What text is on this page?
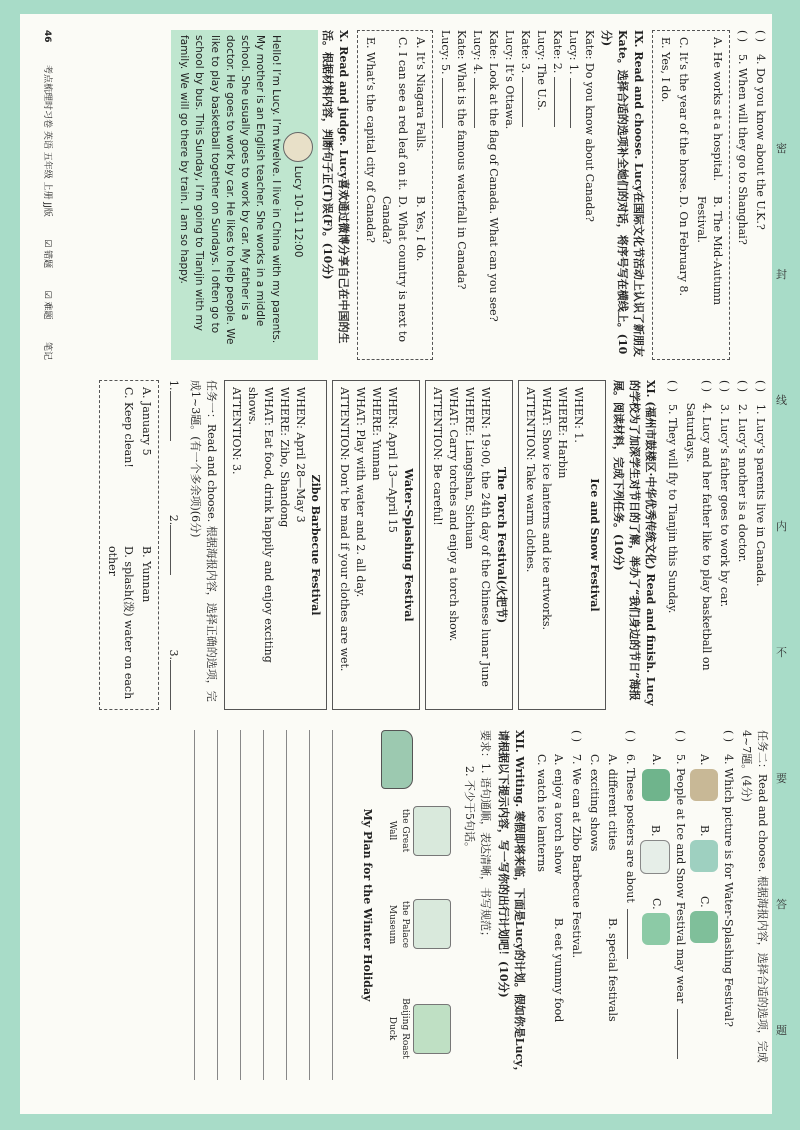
( )
4. Do you know about the U.K.?
( )
5. When will they go to Shanghai?
A. He works at a hospital.
B. The Mid-Autumn Festival.
C. It’s the year of the horse.
D. On February 8.
E. Yes, I do.
IX. Read and choose. Lucy在国际文化节活动上认识了新朋友Kate。选择合适的选项补全她们的对话，将序号写在横线上。(10分)
Kate: Do you know about Canada?
Lucy: 1.
Kate: 2.
Lucy: The U.S.
Kate: 3.
Lucy: It’s Ottawa.
Kate: Look at the flag of Canada. What can you see?
Lucy: 4.
Kate: What is the famous waterfall in Canada?
Lucy: 5.
A. It’s Niagara Falls.
B. Yes, I do.
C. I can see a red leaf on it.
D. What country is next to Canada?
E. What’s the capital city of Canada?
X. Read and judge. Lucy喜欢通过微博分享自己在中国的生活。根据材料内容，判断句子正(T)误(F)。(10分)
Lucy 10-11 12:00
Hello! I’m Lucy. I’m twelve. I live in China with my parents. My mother is an English teacher. She works in a middle school. She usually goes to work by car. My father is a doctor. He goes to work by car. He likes to help people. We like to play basketball together on Sundays. I often go to school by bus. This Sunday, I’m going to Tianjin with my family. We will go there by train. I am so happy.
46
考点梳理时习卷 英语 五年级 上册 JJ版
☑ 错题
☑ 难题
笔记
( )
1. Lucy’s parents live in Canada.
( )
2. Lucy’s mother is a doctor.
( )
3. Lucy’s father goes to work by car.
( )
4. Lucy and her father like to play basketball on Saturdays.
( )
5. They will fly to Tianjin this Sunday.
XI. (福州市鼓楼区·中华优秀传统文化) Read and finish. Lucy的学校为了加深学生对节日的了解，举办了“我们身边的节日”海报展。阅读材料，完成下列任务。(10分)
Ice and Snow Festival
WHEN: 1.
WHERE: Harbin
WHAT: Show ice lanterns and ice artworks.
ATTENTION: Take warm clothes.
The Torch Festival(火把节)
WHEN: 19:00, the 24th day of the Chinese lunar June
WHERE: Liangshan, Sichuan
WHAT: Carry torches and enjoy a torch show.
ATTENTION: Be careful!
Water-Splashing Festival
WHEN: April 13—April 15
WHERE: Yunnan
WHAT: Play with water and 2. all day.
ATTENTION: Don’t be mad if your clothes are wet.
Zibo Barbecue Festival
WHEN: April 28—May 3
WHERE: Zibo, Shandong
WHAT: Eat food, drink happily and enjoy exciting shows.
ATTENTION: 3.
任务一：Read and choose. 根据海报内容，选择正确的选项，完成1~3题。(有一个多余项)(6分)
1.
2.
3.
A. January 5
B. Yunnan
C. Keep clean!
D. splash(泼) water on each other
任务二：Read and choose. 根据海报内容，选择合适的选项，完成4~7题。(4分)
( )
4. Which picture is for Water-Splashing Festival?
A.
B.
C.
( )
5. People at Ice and Snow Festival may wear
A.
B.
C.
( )
6. These posters are about
A. different cities
B. special festivals
C. exciting shows
( )
7. We can at Zibo Barbecue Festival.
A. enjoy a torch show
B. eat yummy food
C. watch ice lanterns
XII. Writing. 寒假即将来临，下面是Lucy的计划。假如你是Lucy，请根据以下提示内容，写一写你的出行计划吧！(10分)
要求：1. 语句通顺，表达清晰，书写规范；
2. 不少于5句话。
the Great Wall
the Palace Museum
Beijing Roast Duck
My Plan for the Winter Holiday
密
封
线
内
不
要
答
题
